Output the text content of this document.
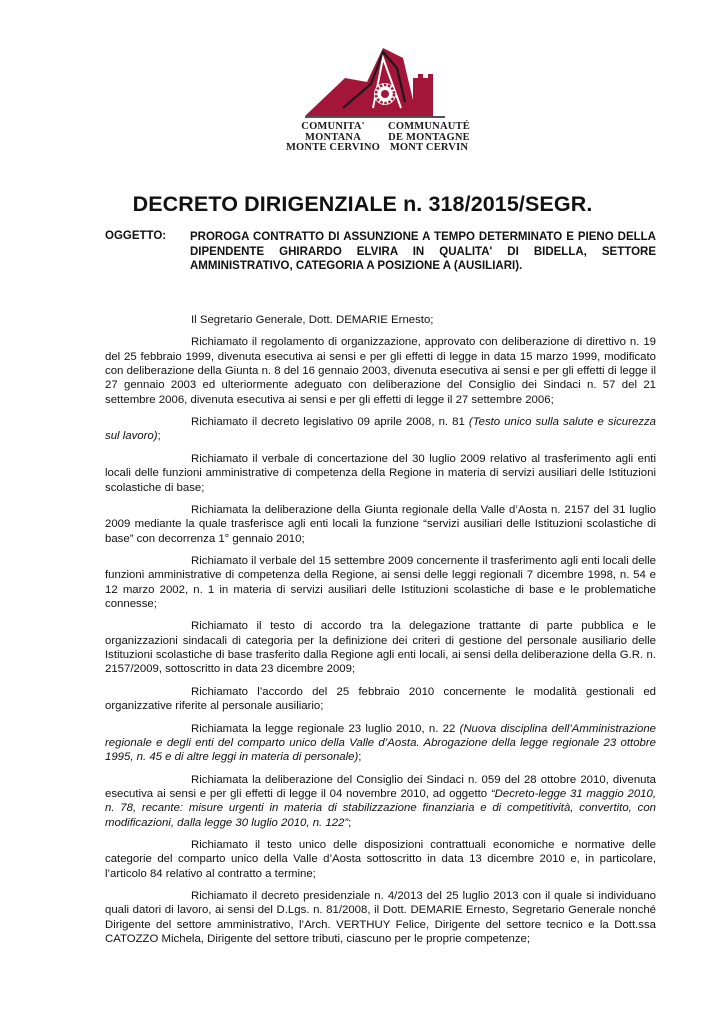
COMUNITA'
MONTANA
MONTE CERVINO
COMMUNAUTÉ
DE MONTAGNE
MONT CERVIN
DECRETO DIRIGENZIALE n. 318/2015/SEGR.
OGGETTO: PROROGA CONTRATTO DI ASSUNZIONE A TEMPO DETERMINATO E PIENO DELLA DIPENDENTE GHIRARDO ELVIRA IN QUALITA' DI BIDELLA, SETTORE AMMINISTRATIVO, CATEGORIA A POSIZIONE A (AUSILIARI).

Il Segretario Generale, Dott. DEMARIE Ernesto;

Richiamato il regolamento di organizzazione, approvato con deliberazione di direttivo n. 19 del 25 febbraio 1999, divenuta esecutiva ai sensi e per gli effetti di legge in data 15 marzo 1999, modificato con deliberazione della Giunta n. 8 del 16 gennaio 2003, divenuta esecutiva ai sensi e per gli effetti di legge il 27 gennaio 2003 ed ulteriormente adeguato con deliberazione del Consiglio dei Sindaci n. 57 del 21 settembre 2006, divenuta esecutiva ai sensi e per gli effetti di legge il 27 settembre 2006;

Richiamato il decreto legislativo 09 aprile 2008, n. 81 (Testo unico sulla salute e sicurezza sul lavoro);

Richiamato il verbale di concertazione del 30 luglio 2009 relativo al trasferimento agli enti locali delle funzioni amministrative di competenza della Regione in materia di servizi ausiliari delle Istituzioni scolastiche di base;

Richiamata la deliberazione della Giunta regionale della Valle d’Aosta n. 2157 del 31 luglio 2009 mediante la quale trasferisce agli enti locali la funzione “servizi ausiliari delle Istituzioni scolastiche di base” con decorrenza 1° gennaio 2010;

Richiamato il verbale del 15 settembre 2009 concernente il trasferimento agli enti locali delle funzioni amministrative di competenza della Regione, ai sensi delle leggi regionali 7 dicembre 1998, n. 54 e 12 marzo 2002, n. 1 in materia di servizi ausiliari delle Istituzioni scolastiche di base e le problematiche connesse;

Richiamato il testo di accordo tra la delegazione trattante di parte pubblica e le organizzazioni sindacali di categoria per la definizione dei criteri di gestione del personale ausiliario delle Istituzioni scolastiche di base trasferito dalla Regione agli enti locali, ai sensi della deliberazione della G.R. n. 2157/2009, sottoscritto in data 23 dicembre 2009;

Richiamato l’accordo del 25 febbraio 2010 concernente le modalità gestionali ed organizzative riferite al personale ausiliario;

Richiamata la legge regionale 23 luglio 2010, n. 22 (Nuova disciplina dell’Amministrazione regionale e degli enti del comparto unico della Valle d’Aosta. Abrogazione della legge regionale 23 ottobre 1995, n. 45 e di altre leggi in materia di personale);

Richiamata la deliberazione del Consiglio dei Sindaci n. 059 del 28 ottobre 2010, divenuta esecutiva ai sensi e per gli effetti di legge il 04 novembre 2010, ad oggetto “Decreto-legge 31 maggio 2010, n. 78, recante: misure urgenti in materia di stabilizzazione finanziaria e di competitività, convertito, con modificazioni, dalla legge 30 luglio 2010, n. 122”;

Richiamato il testo unico delle disposizioni contrattuali economiche e normative delle categorie del comparto unico della Valle d’Aosta sottoscritto in data 13 dicembre 2010 e, in particolare, l’articolo 84 relativo al contratto a termine;

Richiamato il decreto presidenziale n. 4/2013 del 25 luglio 2013 con il quale si individuano quali datori di lavoro, ai sensi del D.Lgs. n. 81/2008, il Dott. DEMARIE Ernesto, Segretario Generale nonché Dirigente del settore amministrativo, l’Arch. VERTHUY Felice, Dirigente del settore tecnico e la Dott.ssa CATOZZO Michela, Dirigente del settore tributi, ciascuno per le proprie competenze;
